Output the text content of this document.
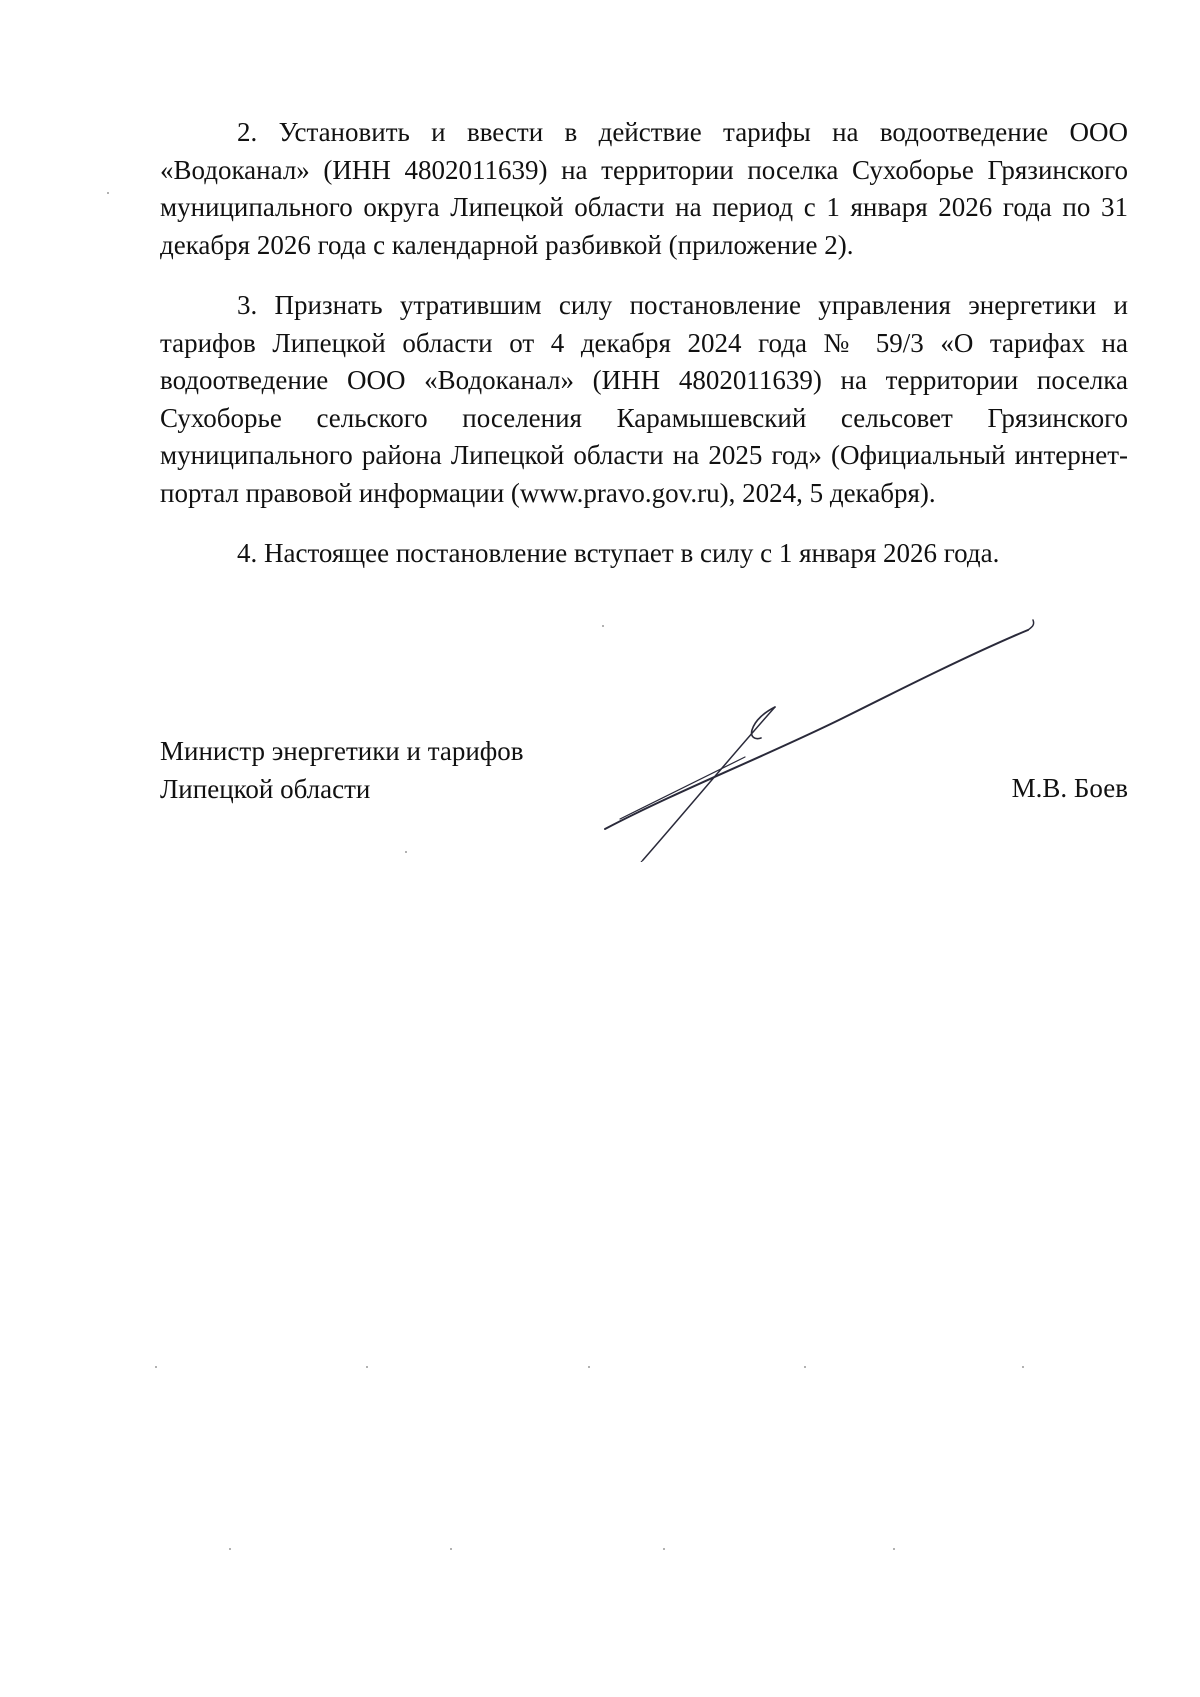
2. Установить и ввести в действие тарифы на водоотведение ООО «Водоканал» (ИНН 4802011639) на территории поселка Сухоборье Грязинского муниципального округа Липецкой области на период с 1 января 2026 года по 31 декабря 2026 года с календарной разбивкой (приложение 2).

3. Признать утратившим силу постановление управления энергетики и тарифов Липецкой области от 4 декабря 2024 года № 59/3 «О тарифах на водоотведение ООО «Водоканал» (ИНН 4802011639) на территории поселка Сухоборье сельского поселения Карамышевский сельсовет Грязинского муниципального района Липецкой области на 2025 год» (Официальный интернет-портал правовой информации (www.pravo.gov.ru), 2024, 5 декабря).

4. Настоящее постановление вступает в силу с 1 января 2026 года.

Министр энергетики и тарифов
Липецкой области	М.В. Боев
